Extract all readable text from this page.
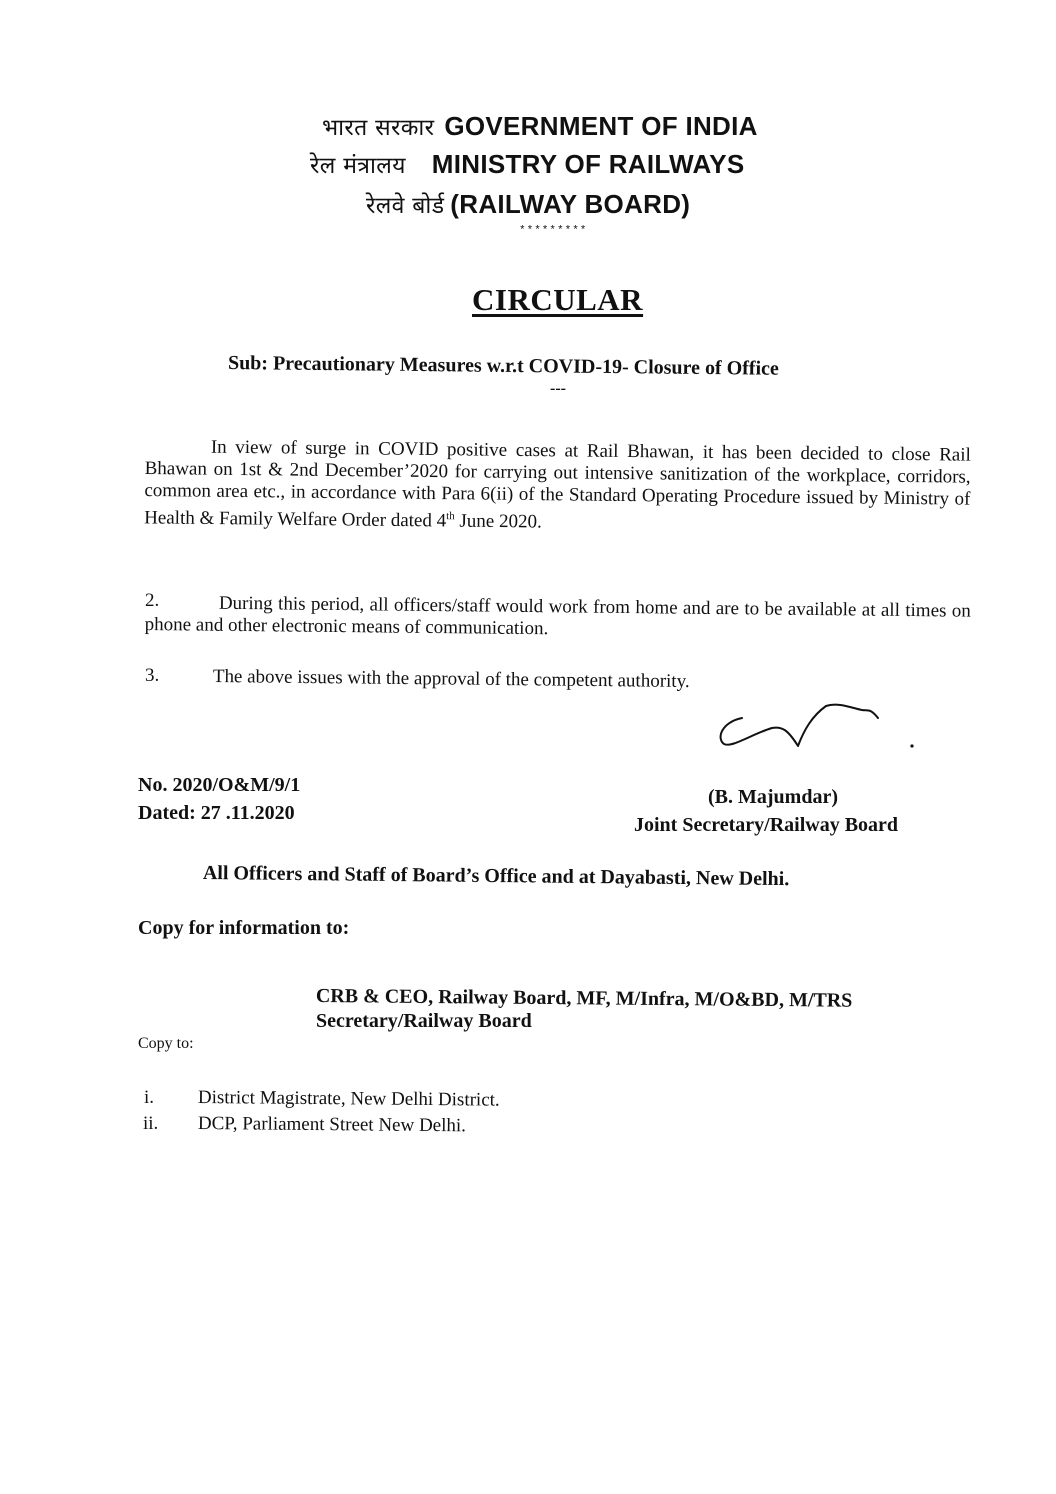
भारत सरकार GOVERNMENT OF INDIA
रेल मंत्रालय MINISTRY OF RAILWAYS
रेलवे बोर्ड (RAILWAY BOARD)
*********
CIRCULAR
Sub: Precautionary Measures w.r.t COVID-19- Closure of Office
---
In view of surge in COVID positive cases at Rail Bhawan, it has been decided to close Rail Bhawan on 1st & 2nd December’2020 for carrying out intensive sanitization of the workplace, corridors, common area etc., in accordance with Para 6(ii) of the Standard Operating Procedure issued by Ministry of Health & Family Welfare Order dated 4th June 2020.
2.	During this period, all officers/staff would work from home and are to be available at all times on phone and other electronic means of communication.
3.	The above issues with the approval of the competent authority.
No. 2020/O&M/9/1
Dated: 27 .11.2020
(B. Majumdar)
Joint Secretary/Railway Board
All Officers and Staff of Board’s Office and at Dayabasti, New Delhi.
Copy for information to:
CRB & CEO, Railway Board, MF, M/Infra, M/O&BD, M/TRS
Secretary/Railway Board
Copy to:
i. District Magistrate, New Delhi District.
ii. DCP, Parliament Street New Delhi.
